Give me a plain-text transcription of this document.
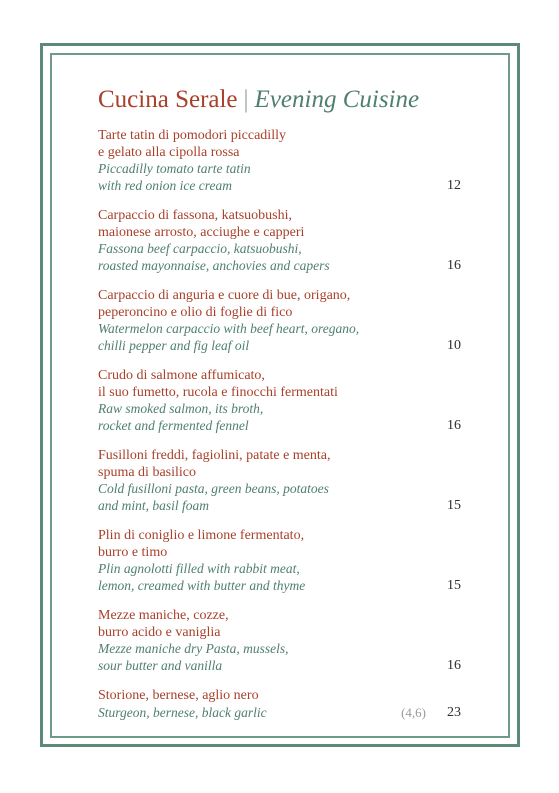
Cucina Serale | Evening Cuisine
Tarte tatin di pomodori piccadilly
e gelato alla cipolla rossa
Piccadilly tomato tarte tatin
with red onion ice cream	12
Carpaccio di fassona, katsuobushi,
maionese arrosto, acciughe e capperi
Fassona beef carpaccio, katsuobushi,
roasted mayonnaise, anchovies and capers	16
Carpaccio di anguria e cuore di bue, origano,
peperoncino e olio di foglie di fico
Watermelon carpaccio with beef heart, oregano,
chilli pepper and fig leaf oil	10
Crudo di salmone affumicato,
il suo fumetto, rucola e finocchi fermentati
Raw smoked salmon, its broth,
rocket and fermented fennel	16
Fusilloni freddi, fagiolini, patate e menta,
spuma di basilico
Cold fusilloni pasta, green beans, potatoes
and mint, basil foam	15
Plin di coniglio e limone fermentato,
burro e timo
Plin agnolotti filled with rabbit meat,
lemon, creamed with butter and thyme	15
Mezze maniche, cozze,
burro acido e vaniglia
Mezze maniche dry Pasta, mussels,
sour butter and vanilla	16
Storione, bernese, aglio nero
Sturgeon, bernese, black garlic	23
(4,6)
